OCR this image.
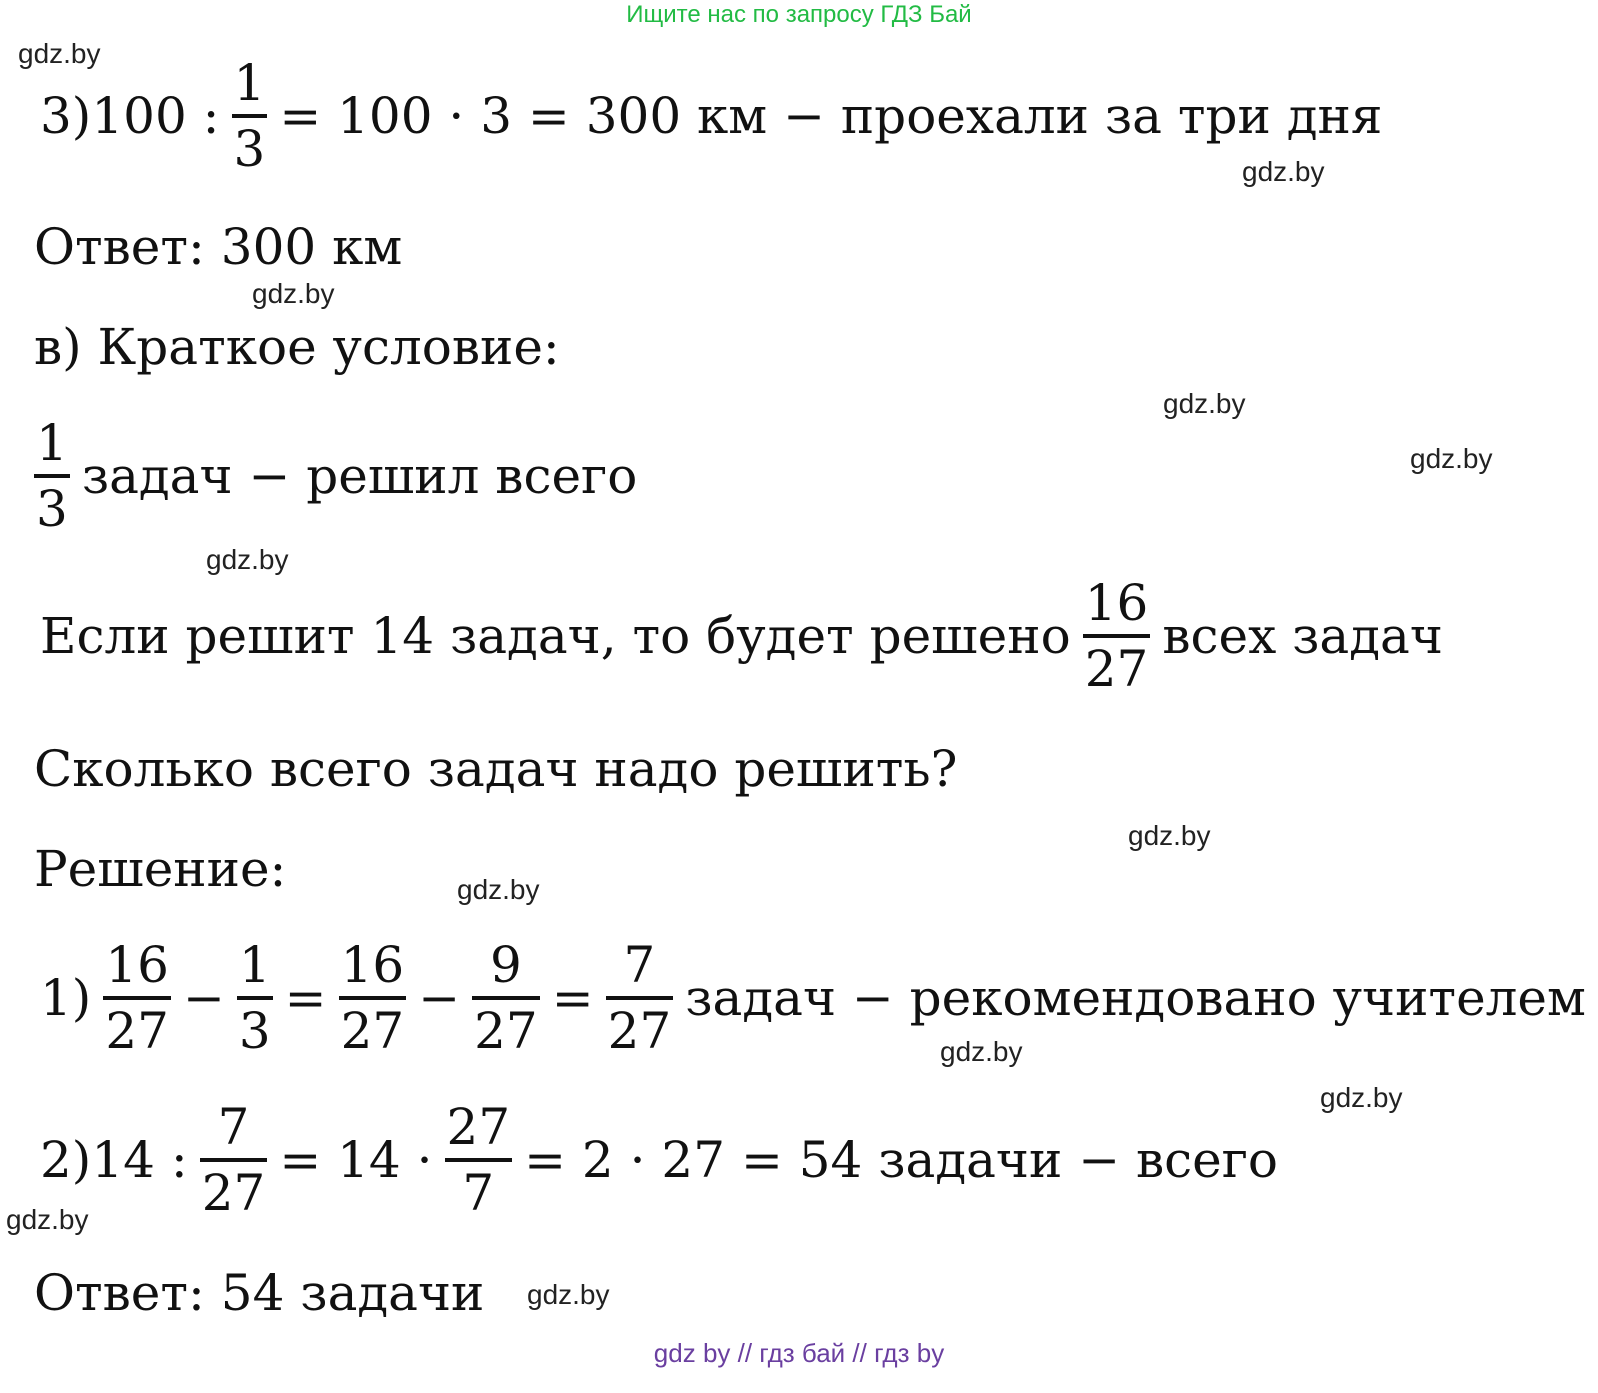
Ищите нас по запросу ГДЗ Бай
gdz.by
gdz.by
gdz.by
gdz.by
gdz.by
gdz.by
gdz.by
gdz.by
gdz.by
gdz.by
gdz.by
gdz.by
3)100 : $\frac{1}{3} = 100 \cdot 3 = 300$ км − проехали за три дня
Ответ: 300 км
в) Краткое условие:
$\frac{1}{3}$ задач − решил всего
Если решит 14 задач, то будет решено $\frac{16}{27}$ всех задач
Сколько всего задач надо решить?
Решение:
$1) \frac{16}{27} - \frac{1}{3} = \frac{16}{27} - \frac{9}{27} = \frac{7}{27}$ задач − рекомендовано учителем
2)14 : $\frac{7}{27} = 14 \cdot \frac{27}{7} = 2 \cdot 27 = 54$ задачи − всего
Ответ: 54 задачи
gdz by // гдз бай // гдз by
